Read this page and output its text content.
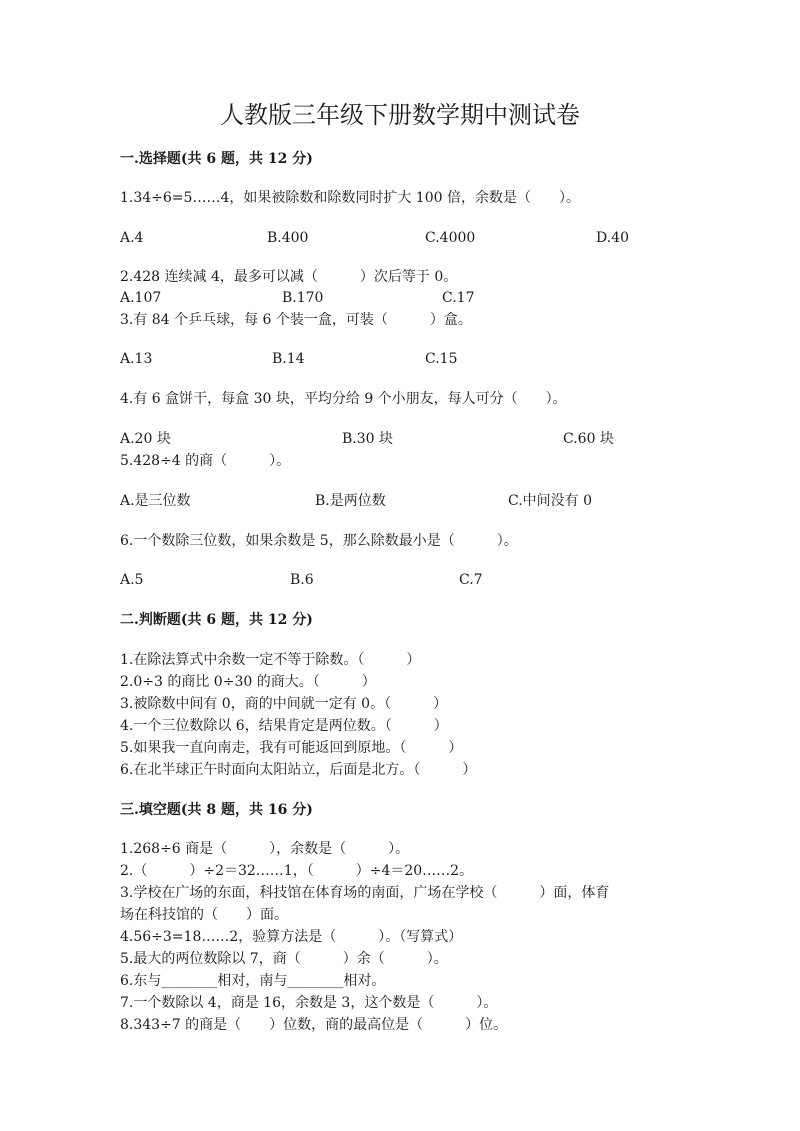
人教版三年级下册数学期中测试卷
一.选择题(共 6 题，共 12 分)
1.34÷6=5……4，如果被除数和除数同时扩大 100 倍，余数是（　　）。
A.4	B.400	C.4000	D.40
2.428 连续减 4，最多可以减（　　　）次后等于 0。
A.107	B.170	C.17
3.有 84 个乒乓球，每 6 个装一盒，可装（　　　）盒。
A.13	B.14	C.15
4.有 6 盒饼干，每盒 30 块，平均分给 9 个小朋友，每人可分（　　）。
A.20 块	B.30 块	C.60 块
5.428÷4 的商（　　　）。
A.是三位数	B.是两位数	C.中间没有 0
6.一个数除三位数，如果余数是 5，那么除数最小是（　　　）。
A.5	B.6	C.7
二.判断题(共 6 题，共 12 分)
1.在除法算式中余数一定不等于除数。（　　　）
2.0÷3 的商比 0÷30 的商大。（　　　）
3.被除数中间有 0，商的中间就一定有 0。（　　　）
4.一个三位数除以 6，结果肯定是两位数。（　　　）
5.如果我一直向南走，我有可能返回到原地。（　　　）
6.在北半球正午时面向太阳站立，后面是北方。（　　　）
三.填空题(共 8 题，共 16 分)
1.268÷6 商是（　　　），余数是（　　　）。
2.（　　　）÷2＝32……1，（　　　）÷4＝20……2。
3.学校在广场的东面，科技馆在体育场的南面，广场在学校（　　　）面，体育
场在科技馆的（　　）面。
4.56÷3=18……2，验算方法是（　　　）。（写算式）
5.最大的两位数除以 7，商（　　　）余（　　　）。
6.东与________相对，南与________相对。
7.一个数除以 4，商是 16，余数是 3，这个数是（　　　）。
8.343÷7 的商是（　　）位数，商的最高位是（　　　）位。
